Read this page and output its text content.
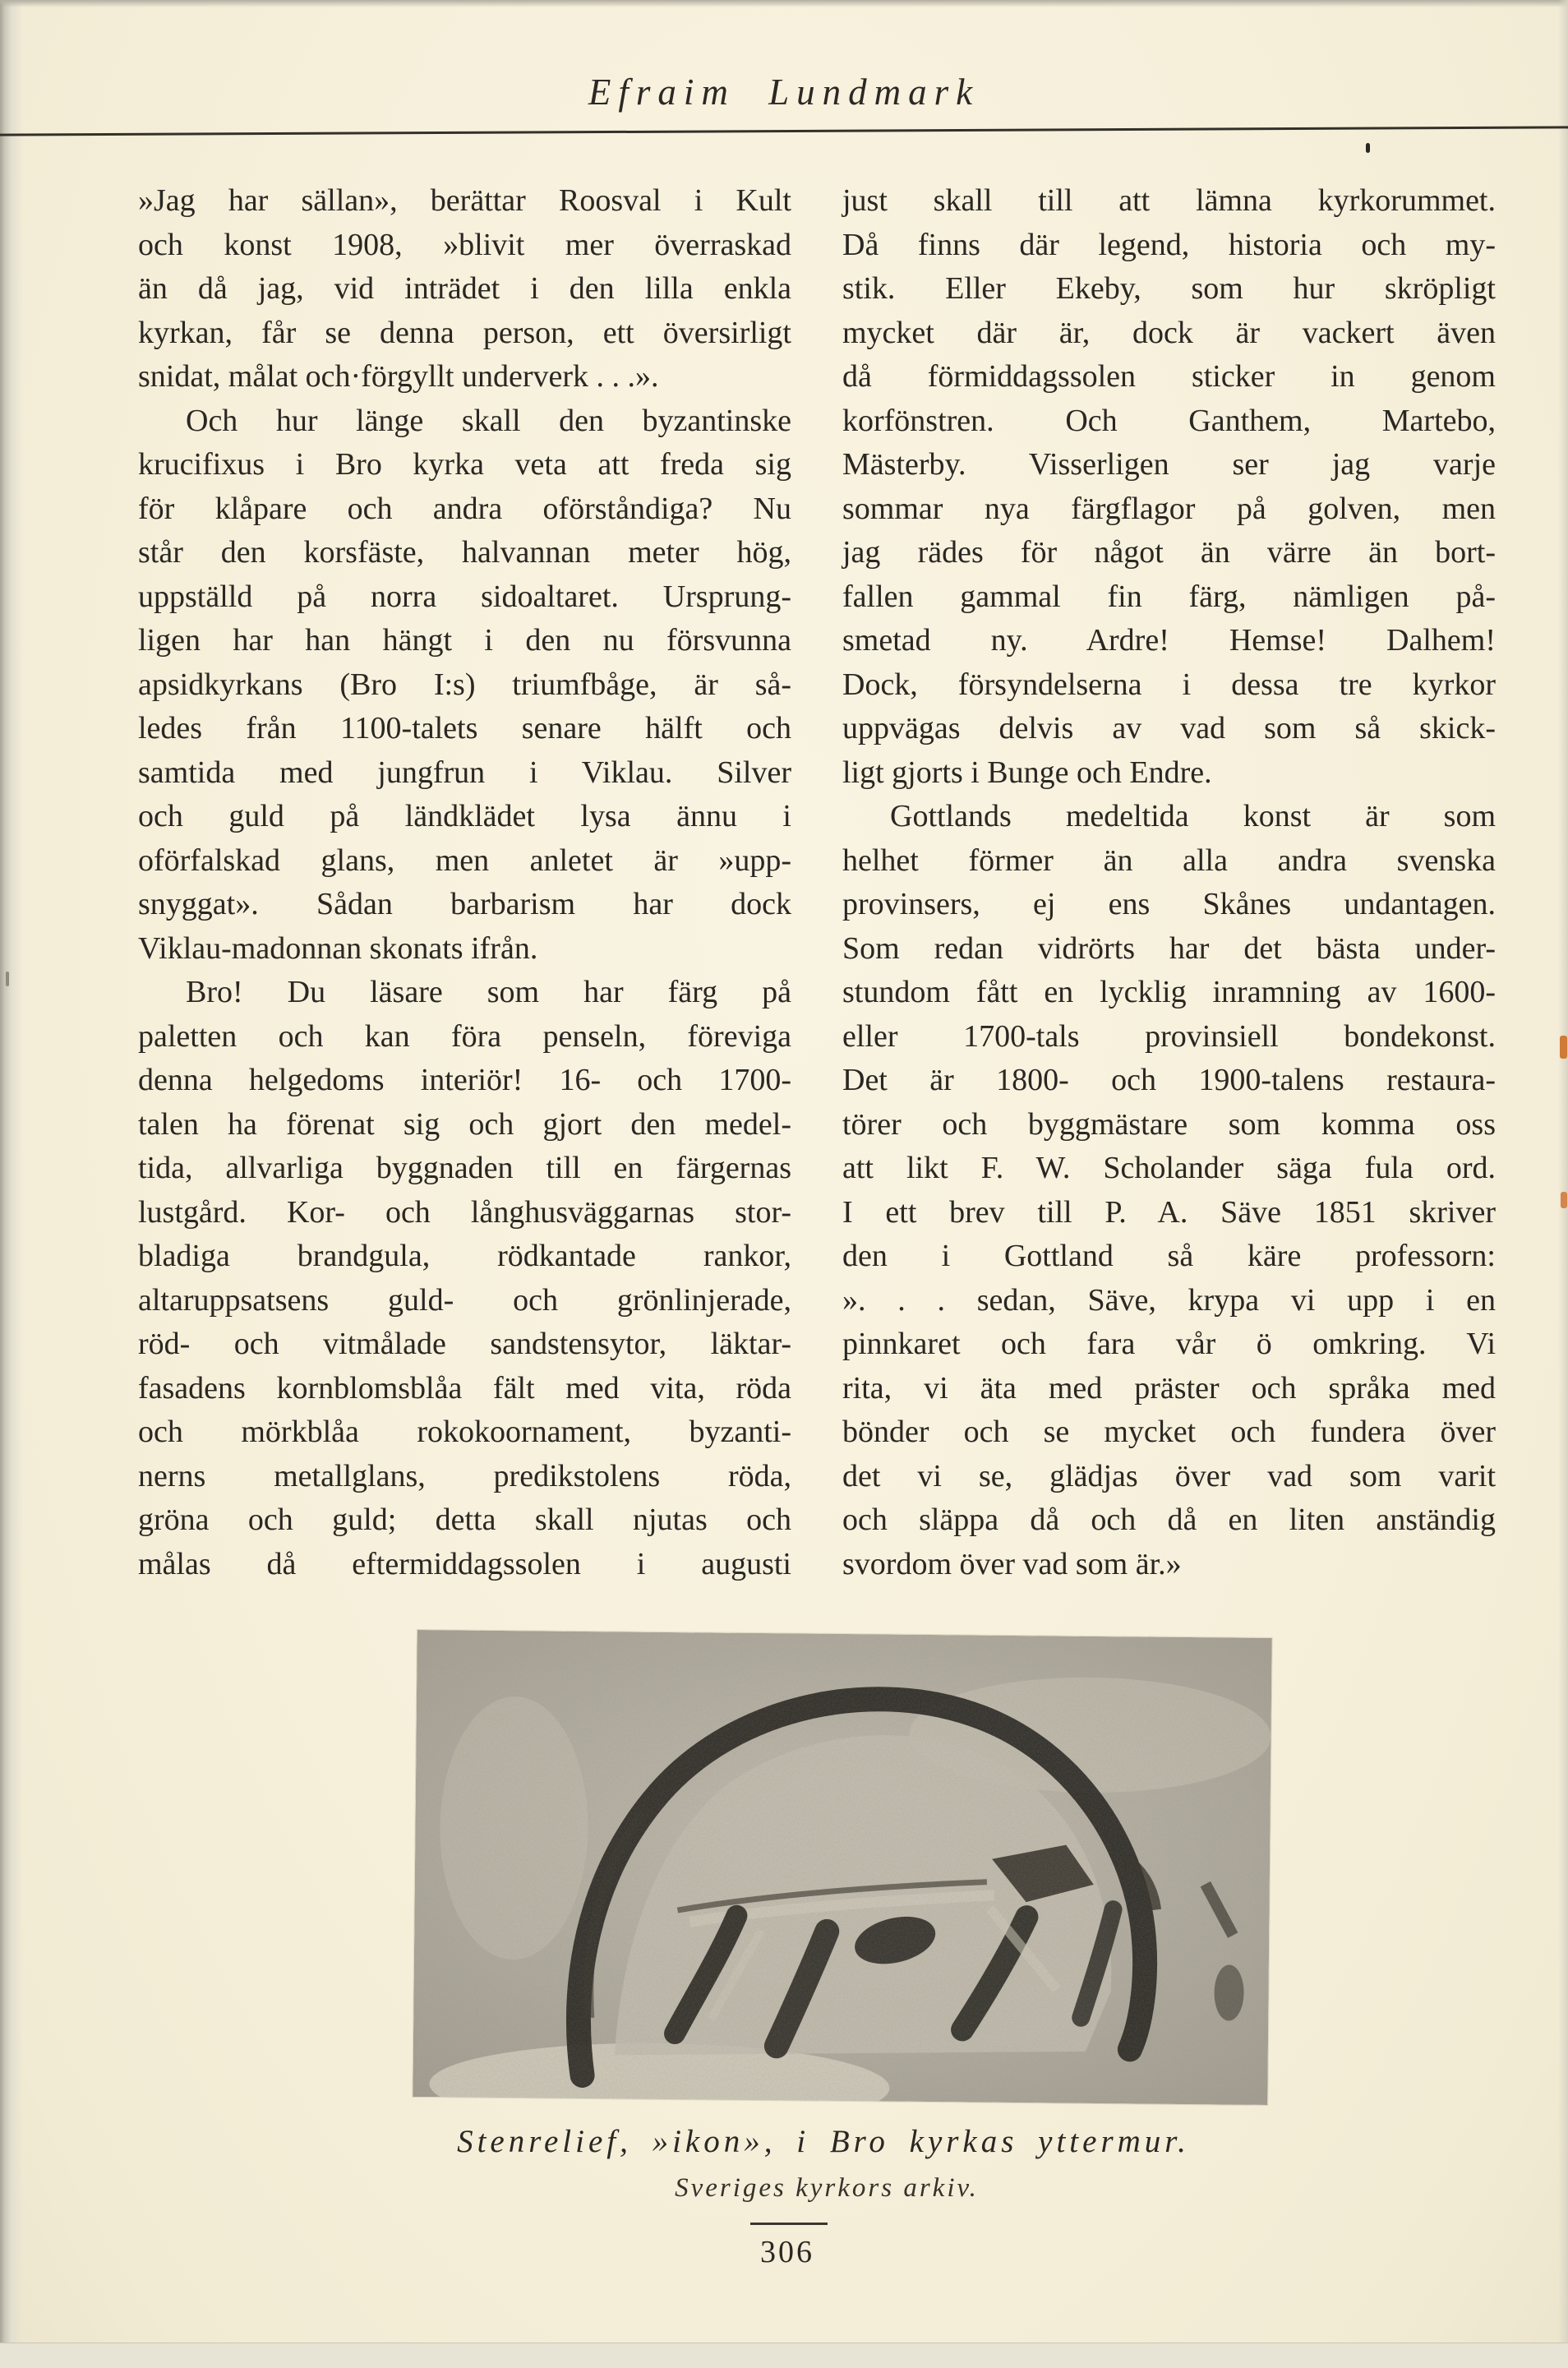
Efraim Lundmark
»Jag har sällan», berättar Roosval i Kult
och konst 1908, »blivit mer överraskad
än då jag, vid inträdet i den lilla enkla
kyrkan, får se denna person, ett översirligt
snidat, målat och·förgyllt underverk . . .».
Och hur länge skall den byzantinske
krucifixus i Bro kyrka veta att freda sig
för klåpare och andra oförståndiga? Nu
står den korsfäste, halvannan meter hög,
uppställd på norra sidoaltaret. Ursprung-
ligen har han hängt i den nu försvunna
apsidkyrkans (Bro I:s) triumfbåge, är så-
ledes från 1100-talets senare hälft och
samtida med jungfrun i Viklau. Silver
och guld på ländklädet lysa ännu i
oförfalskad glans, men anletet är »upp-
snyggat». Sådan barbarism har dock
Viklau-madonnan skonats ifrån.
Bro! Du läsare som har färg på
paletten och kan föra penseln, föreviga
denna helgedoms interiör! 16- och 1700-
talen ha förenat sig och gjort den medel-
tida, allvarliga byggnaden till en färgernas
lustgård. Kor- och långhusväggarnas stor-
bladiga brandgula, rödkantade rankor,
altaruppsatsens guld- och grönlinjerade,
röd- och vitmålade sandstensytor, läktar-
fasadens kornblomsblåa fält med vita, röda
och mörkblåa rokokoornament, byzanti-
nerns metallglans, predikstolens röda,
gröna och guld; detta skall njutas och
målas då eftermiddagssolen i augusti
just skall till att lämna kyrkorummet.
Då finns där legend, historia och my-
stik. Eller Ekeby, som hur skröpligt
mycket där är, dock är vackert även
då förmiddagssolen sticker in genom
korfönstren. Och Ganthem, Martebo,
Mästerby. Visserligen ser jag varje
sommar nya färgflagor på golven, men
jag rädes för något än värre än bort-
fallen gammal fin färg, nämligen på-
smetad ny. Ardre! Hemse! Dalhem!
Dock, försyndelserna i dessa tre kyrkor
uppvägas delvis av vad som så skick-
ligt gjorts i Bunge och Endre.
Gottlands medeltida konst är som
helhet förmer än alla andra svenska
provinsers, ej ens Skånes undantagen.
Som redan vidrörts har det bästa under-
stundom fått en lycklig inramning av 1600-
eller 1700-tals provinsiell bondekonst.
Det är 1800- och 1900-talens restaura-
törer och byggmästare som komma oss
att likt F. W. Scholander säga fula ord.
I ett brev till P. A. Säve 1851 skriver
den i Gottland så käre professorn:
». . . sedan, Säve, krypa vi upp i en
pinnkaret och fara vår ö omkring. Vi
rita, vi äta med präster och språka med
bönder och se mycket och fundera över
det vi se, glädjas över vad som varit
och släppa då och då en liten anständig
svordom över vad som är.»
Stenrelief, »ikon», i Bro kyrkas yttermur.
Sveriges kyrkors arkiv.
306
